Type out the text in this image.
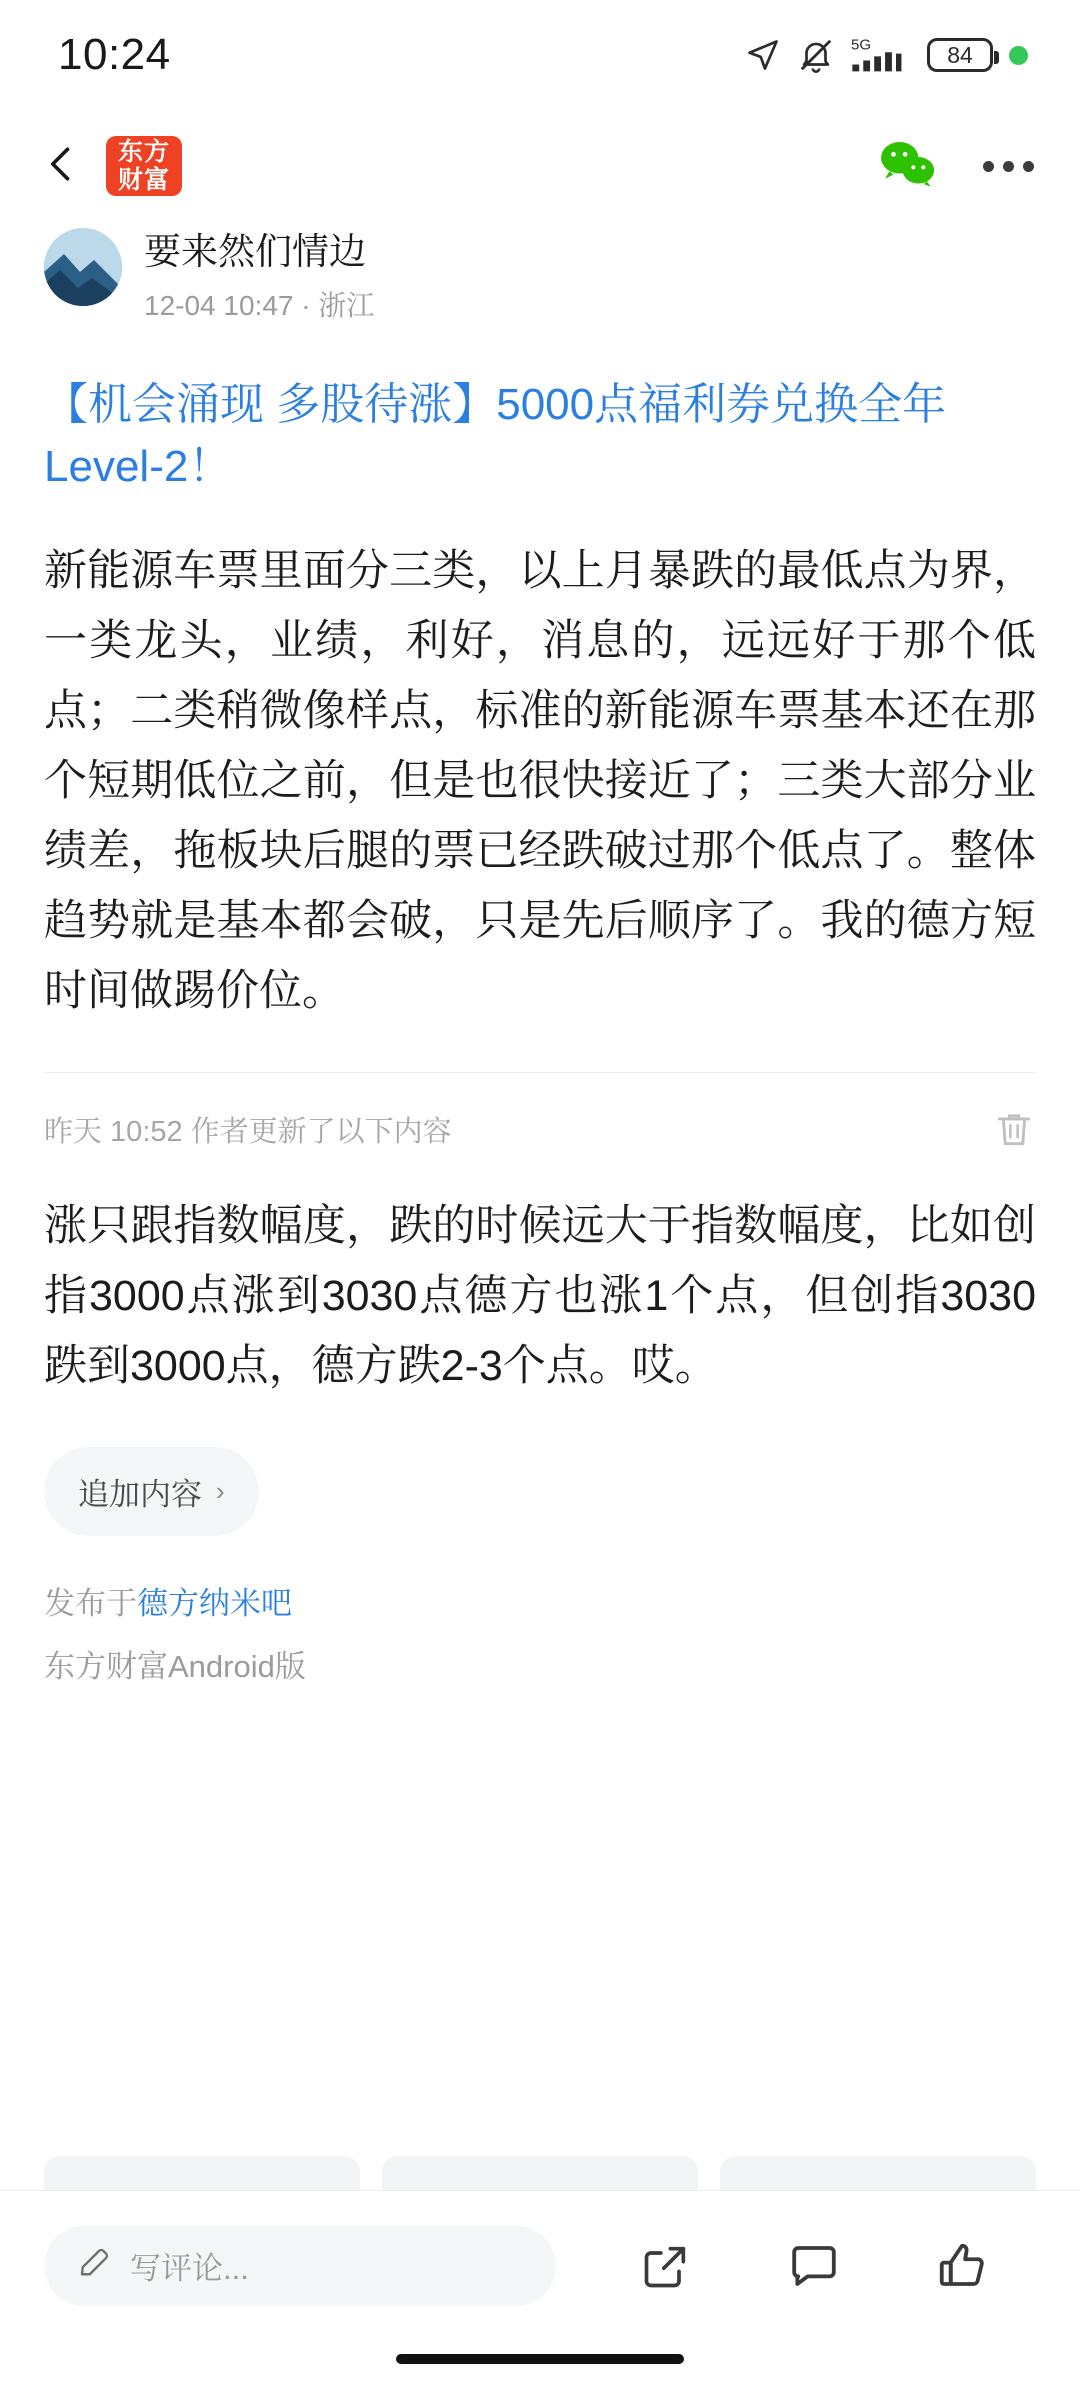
10:24	5G	84
东方
财富
要来然们情边
12-04 10:47 · 浙江
【机会涌现 多股待涨】5000点福利券兑换全年Level-2！
新能源车票里面分三类，以上月暴跌的最低点为界，一类龙头，业绩，利好，消息的，远远好于那个低点；二类稍微像样点，标准的新能源车票基本还在那个短期低位之前，但是也很快接近了；三类大部分业绩差，拖板块后腿的票已经跌破过那个低点了。整体趋势就是基本都会破，只是先后顺序了。我的德方短时间做踢价位。
昨天 10:52 作者更新了以下内容
涨只跟指数幅度，跌的时候远大于指数幅度，比如创指3000点涨到3030点德方也涨1个点，但创指3030跌到3000点，德方跌2-3个点。哎。
追加内容 ›
发布于德方纳米吧
东方财富Android版
写评论...
